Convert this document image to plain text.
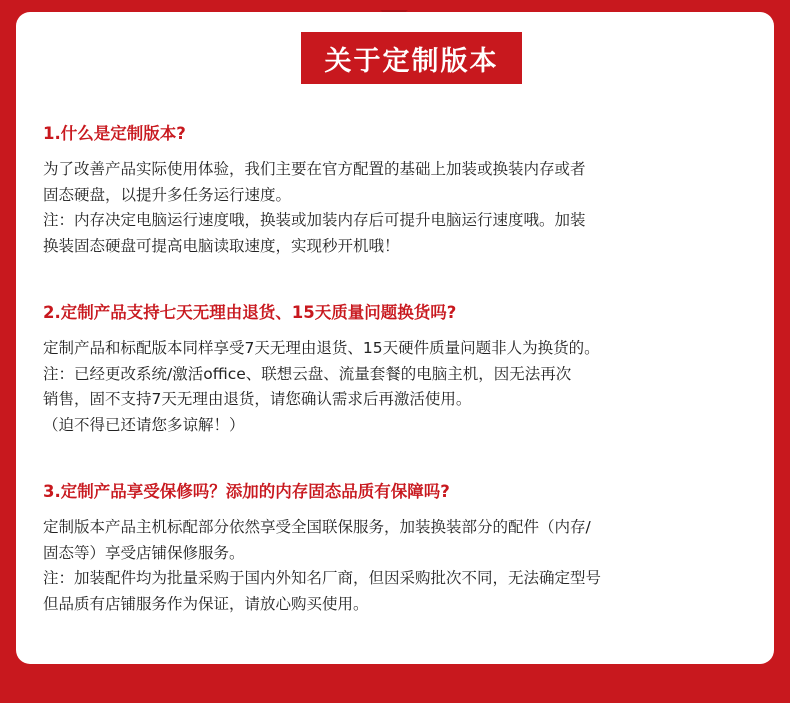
关于定制版本
1.什么是定制版本?

为了改善产品实际使用体验，我们主要在官方配置的基础上加装或换装内存或者

固态硬盘，以提升多任务运行速度。

注：内存决定电脑运行速度哦，换装或加装内存后可提升电脑运行速度哦。加装

换装固态硬盘可提高电脑读取速度，实现秒开机哦！

2.定制产品支持七天无理由退货、15天质量问题换货吗?

定制产品和标配版本同样享受7天无理由退货、15天硬件质量问题非人为换货的。

注：已经更改系统/激活office、联想云盘、流量套餐的电脑主机，因无法再次

销售，固不支持7天无理由退货，请您确认需求后再激活使用。

（迫不得已还请您多谅解！）

3.定制产品享受保修吗？添加的内存固态品质有保障吗?

定制版本产品主机标配部分依然享受全国联保服务，加装换装部分的配件（内存/

固态等）享受店铺保修服务。

注：加装配件均为批量采购于国内外知名厂商，但因采购批次不同，无法确定型号

但品质有店铺服务作为保证，请放心购买使用。
